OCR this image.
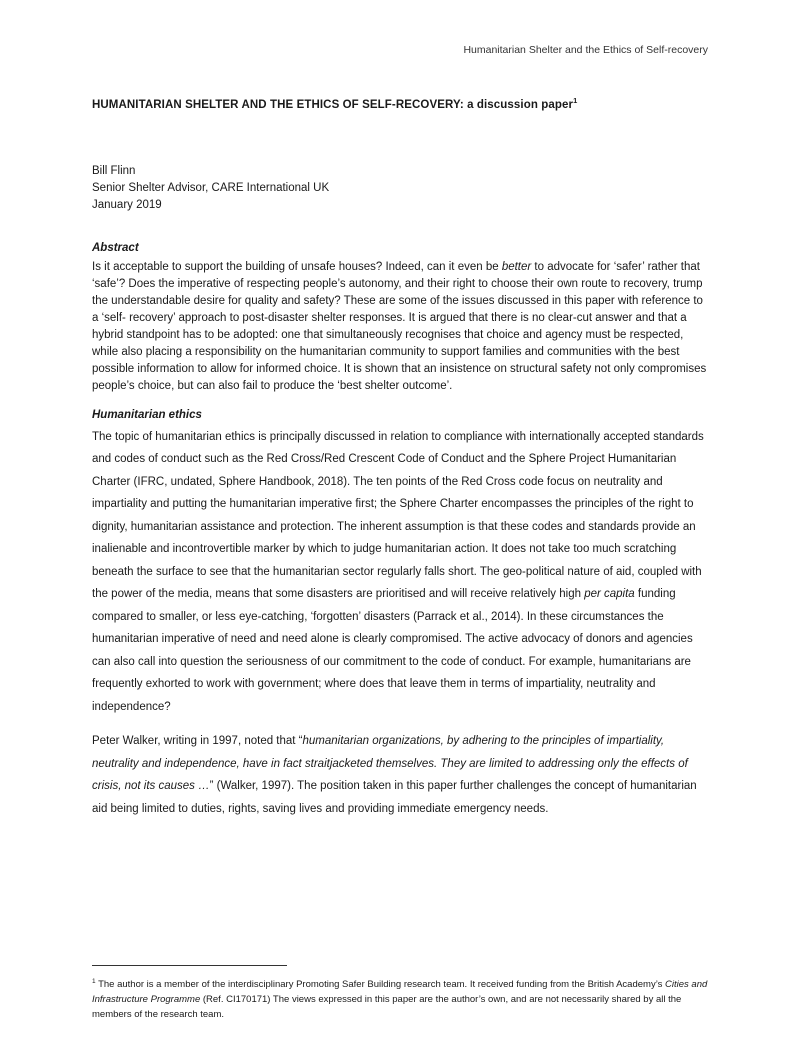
Humanitarian Shelter and the Ethics of Self-recovery
HUMANITARIAN SHELTER AND THE ETHICS OF SELF-RECOVERY: a discussion paper$^1$

Bill Flinn

Senior Shelter Advisor, CARE International UK

January 2019

Abstract

Is it acceptable to support the building of unsafe houses? Indeed, can it even be better to advocate for ‘safer’ rather that ‘safe’? Does the imperative of respecting people’s autonomy, and their right to choose their own route to recovery, trump the understandable desire for quality and safety? These are some of the issues discussed in this paper with reference to a ‘self- recovery’ approach to post-disaster shelter responses. It is argued that there is no clear-cut answer and that a hybrid standpoint has to be adopted: one that simultaneously recognises that choice and agency must be respected, while also placing a responsibility on the humanitarian community to support families and communities with the best possible information to allow for informed choice. It is shown that an insistence on structural safety not only compromises people’s choice, but can also fail to produce the ‘best shelter outcome’.

Humanitarian ethics

The topic of humanitarian ethics is principally discussed in relation to compliance with internationally accepted standards and codes of conduct such as the Red Cross/Red Crescent Code of Conduct and the Sphere Project Humanitarian Charter (IFRC, undated, Sphere Handbook, 2018). The ten points of the Red Cross code focus on neutrality and impartiality and putting the humanitarian imperative first; the Sphere Charter encompasses the principles of the right to dignity, humanitarian assistance and protection. The inherent assumption is that these codes and standards provide an inalienable and incontrovertible marker by which to judge humanitarian action. It does not take too much scratching beneath the surface to see that the humanitarian sector regularly falls short. The geo-political nature of aid, coupled with the power of the media, means that some disasters are prioritised and will receive relatively high per capita funding compared to smaller, or less eye-catching, ‘forgotten’ disasters (Parrack et al., 2014). In these circumstances the humanitarian imperative of need and need alone is clearly compromised. The active advocacy of donors and agencies can also call into question the seriousness of our commitment to the code of conduct. For example, humanitarians are frequently exhorted to work with government; where does that leave them in terms of impartiality, neutrality and independence?

Peter Walker, writing in 1997, noted that “humanitarian organizations, by adhering to the principles of impartiality, neutrality and independence, have in fact straitjacketed themselves. They are limited to addressing only the effects of crisis, not its causes …” (Walker, 1997). The position taken in this paper further challenges the concept of humanitarian aid being limited to duties, rights, saving lives and providing immediate emergency needs.

$^1$ The author is a member of the interdisciplinary Promoting Safer Building research team. It received funding from the British Academy’s Cities and Infrastructure Programme (Ref. CI170171) The views expressed in this paper are the author’s own, and are not necessarily shared by all the members of the research team.
